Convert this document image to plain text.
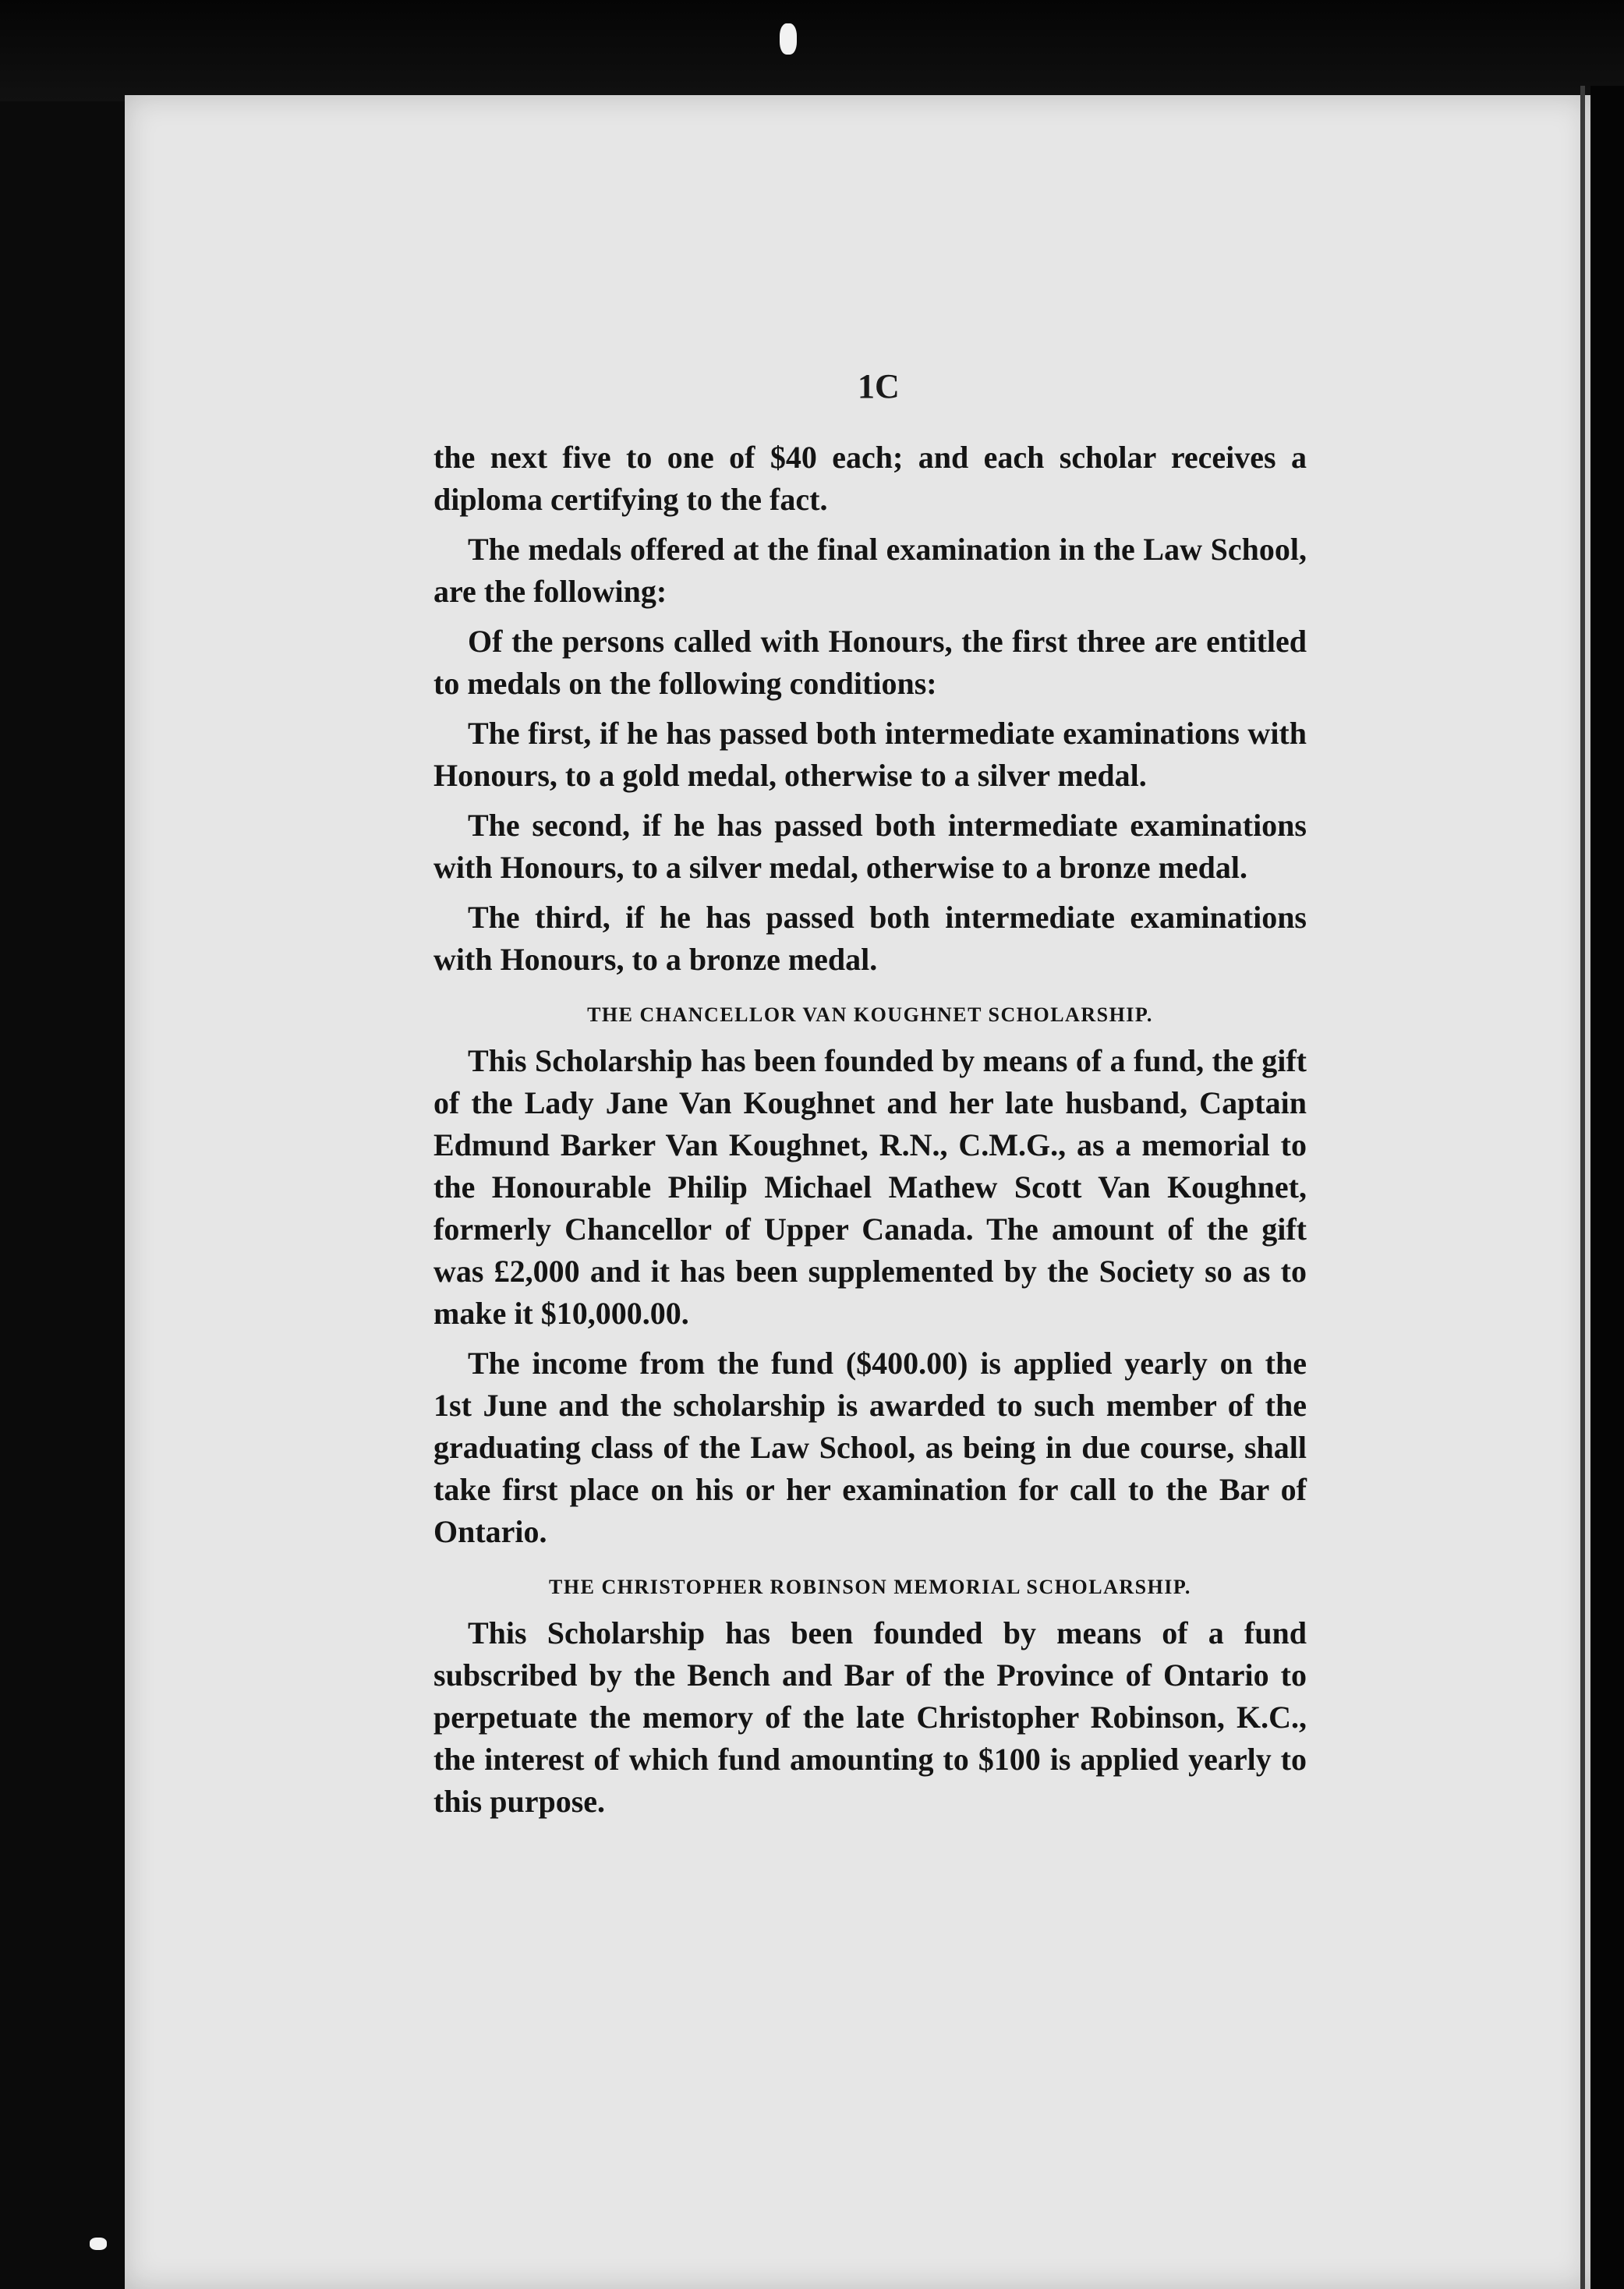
1C

the next five to one of $40 each; and each scholar receives a diploma certifying to the fact.

The medals offered at the final examination in the Law School, are the following:

Of the persons called with Honours, the first three are entitled to medals on the following conditions:

The first, if he has passed both intermediate examinations with Honours, to a gold medal, otherwise to a silver medal.

The second, if he has passed both intermediate examinations with Honours, to a silver medal, otherwise to a bronze medal.

The third, if he has passed both intermediate examinations with Honours, to a bronze medal.

THE CHANCELLOR VAN KOUGHNET SCHOLARSHIP.

This Scholarship has been founded by means of a fund, the gift of the Lady Jane Van Koughnet and her late husband, Captain Edmund Barker Van Koughnet, R.N., C.M.G., as a memorial to the Honourable Philip Michael Mathew Scott Van Koughnet, formerly Chancellor of Upper Canada. The amount of the gift was £2,000 and it has been supplemented by the Society so as to make it $10,000.00.

The income from the fund ($400.00) is applied yearly on the 1st June and the scholarship is awarded to such member of the graduating class of the Law School, as being in due course, shall take first place on his or her examination for call to the Bar of Ontario.

THE CHRISTOPHER ROBINSON MEMORIAL SCHOLARSHIP.

This Scholarship has been founded by means of a fund subscribed by the Bench and Bar of the Province of Ontario to perpetuate the memory of the late Christopher Robinson, K.C., the interest of which fund amounting to $100 is applied yearly to this purpose.
